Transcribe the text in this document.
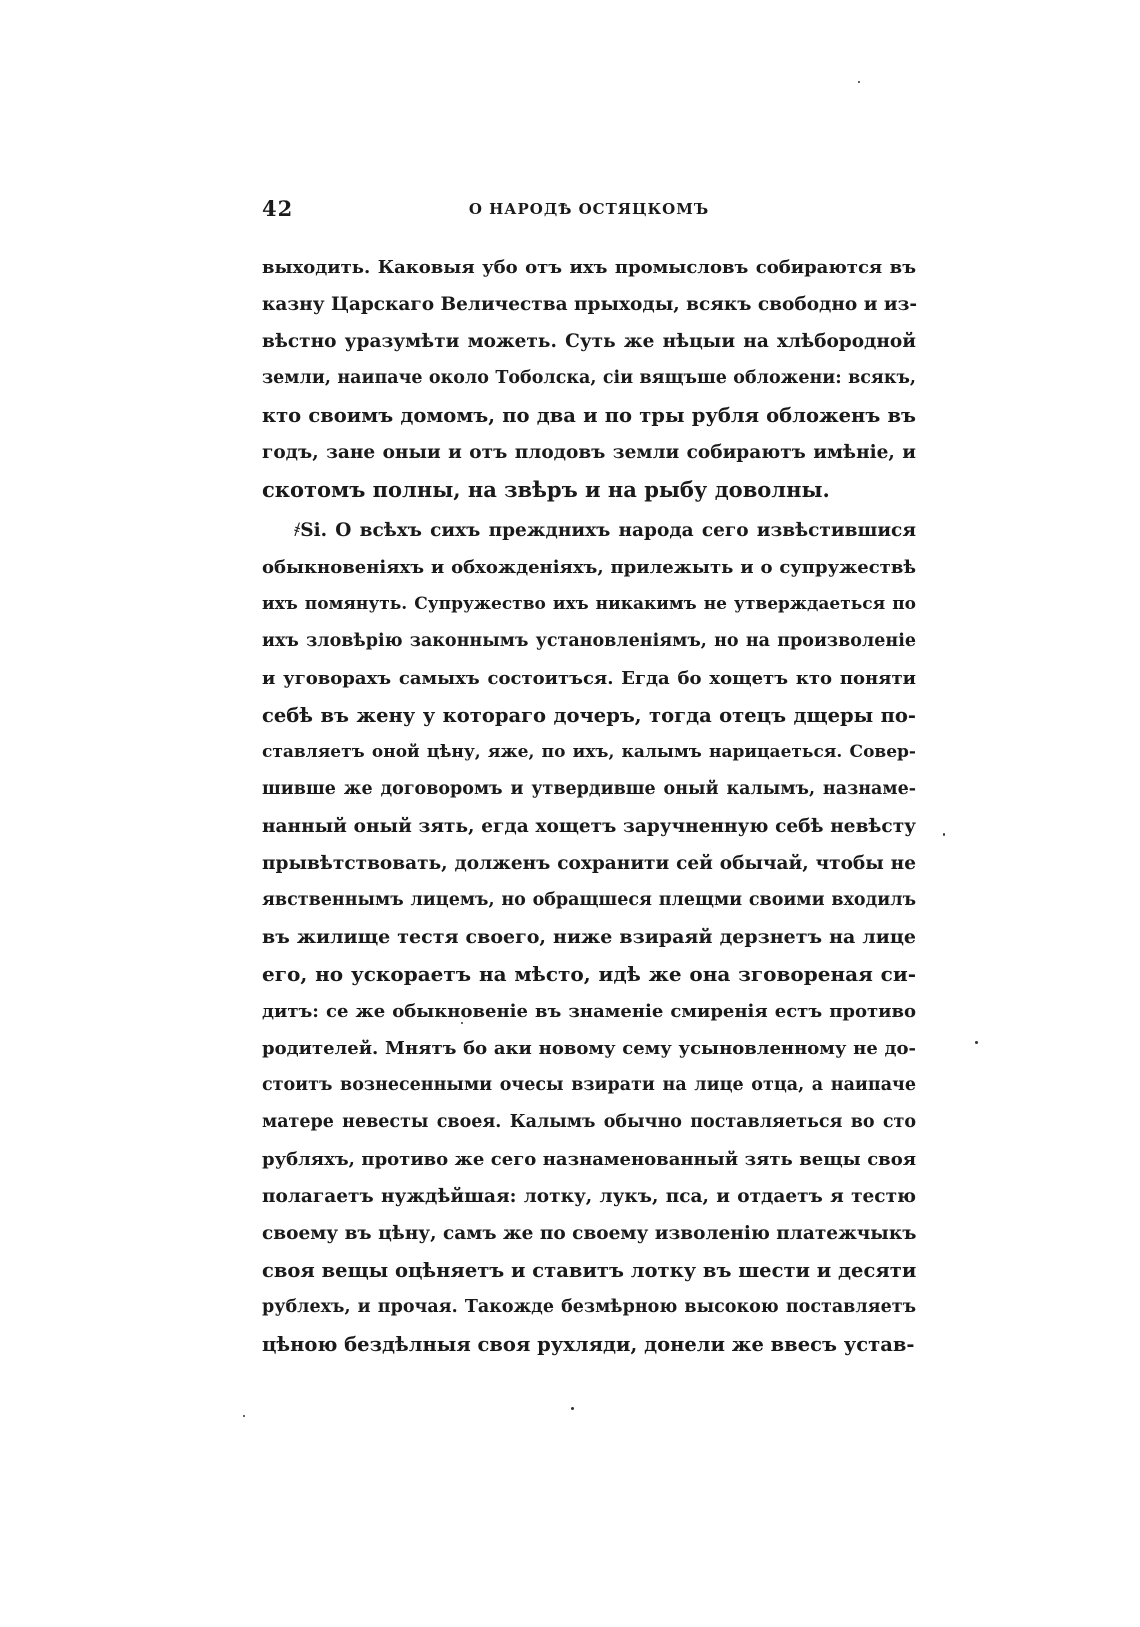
42	О НАРОДѢ ОСТЯЦКОМЪ
выходить. Каковыя убо отъ ихъ промысловъ собираются въ
казну Царскаго Величества прыходы, всякъ свободно и из-
вѣстно уразумѣти можеть. Суть же нѣцыи на хлѣбородной
земли, наипаче около Тоболска, сіи вящъше обложени: всякъ,
кто своимъ домомъ, по два и по тры рубля обложенъ въ
годъ, зане оныи и отъ плодовъ земли собираютъ имѣніе, и
скотомъ полны, на звѣръ и на рыбу доволны.
҂Ѕі. О всѣхъ сихъ прежднихъ народа сего извѣстившися
обыкновеніяхъ и обхожденіяхъ, прилежыть и о супружествѣ
ихъ помянуть. Супружество ихъ никакимъ не утверждаеться по
ихъ зловѣрію законнымъ установленіямъ, но на произволеніе
и уговорахъ самыхъ состоитъся. Егда бо хощетъ кто поняти
себѣ въ жену у котораго дочеръ, тогда отецъ дщеры по-
ставляетъ оной цѣну, яже, по ихъ, калымъ нарицаеться. Совер-
шивше же договоромъ и утвердивше оный калымъ, назнаме-
нанный оный зять, егда хощетъ заручненную себѣ невѣсту
прывѣтствовать, долженъ сохранити сей обычай, чтобы не
явственнымъ лицемъ, но обращшеся плещми своими входилъ
въ жилище тестя своего, ниже взираяй дерзнетъ на лице
его, но ускораетъ на мѣсто, идѣ же она зговореная си-
дитъ: се же обыкновеніе въ знаменіе смиренія естъ противо
родителей. Мнятъ бо аки новому сему усыновленному не до-
стоитъ вознесенными очесы взирати на лице отца, а наипаче
матере невесты своея. Калымъ обычно поставляеться во сто
рубляхъ, противо же сего назнаменованный зять вещы своя
полагаетъ нуждѣйшая: лотку, лукъ, пса, и отдаетъ я тестю
своему въ цѣну, самъ же по своему изволенію платежчыкъ
своя вещы оцѣняетъ и ставитъ лотку въ шести и десяти
рублехъ, и прочая. Такожде безмѣрною высокою поставляетъ
цѣною бездѣлныя своя рухляди, донели же ввесъ устав-
